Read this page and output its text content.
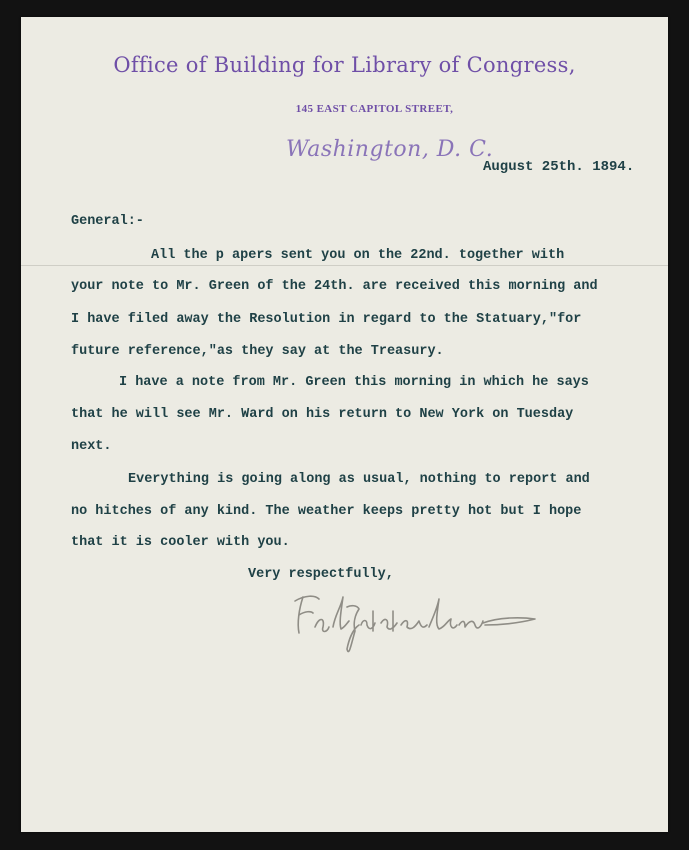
Office of Building for Library of Congress,
145 EAST CAPITOL STREET,
Washington, D. C.
August 25th. 1894.
General:-
All the p apers sent you on the 22nd. together with
your note to Mr. Green of the 24th. are received this morning and
I have filed away the Resolution in regard to the Statuary,"for
future reference,"as they say at the Treasury.
I have a note from Mr. Green this morning in which he says
that he will see Mr. Ward on his return to New York on Tuesday
next.
Everything is going along as usual, nothing to report and
no hitches of any kind. The weather keeps pretty hot but I hope
that it is cooler with you.
Very respectfully,
